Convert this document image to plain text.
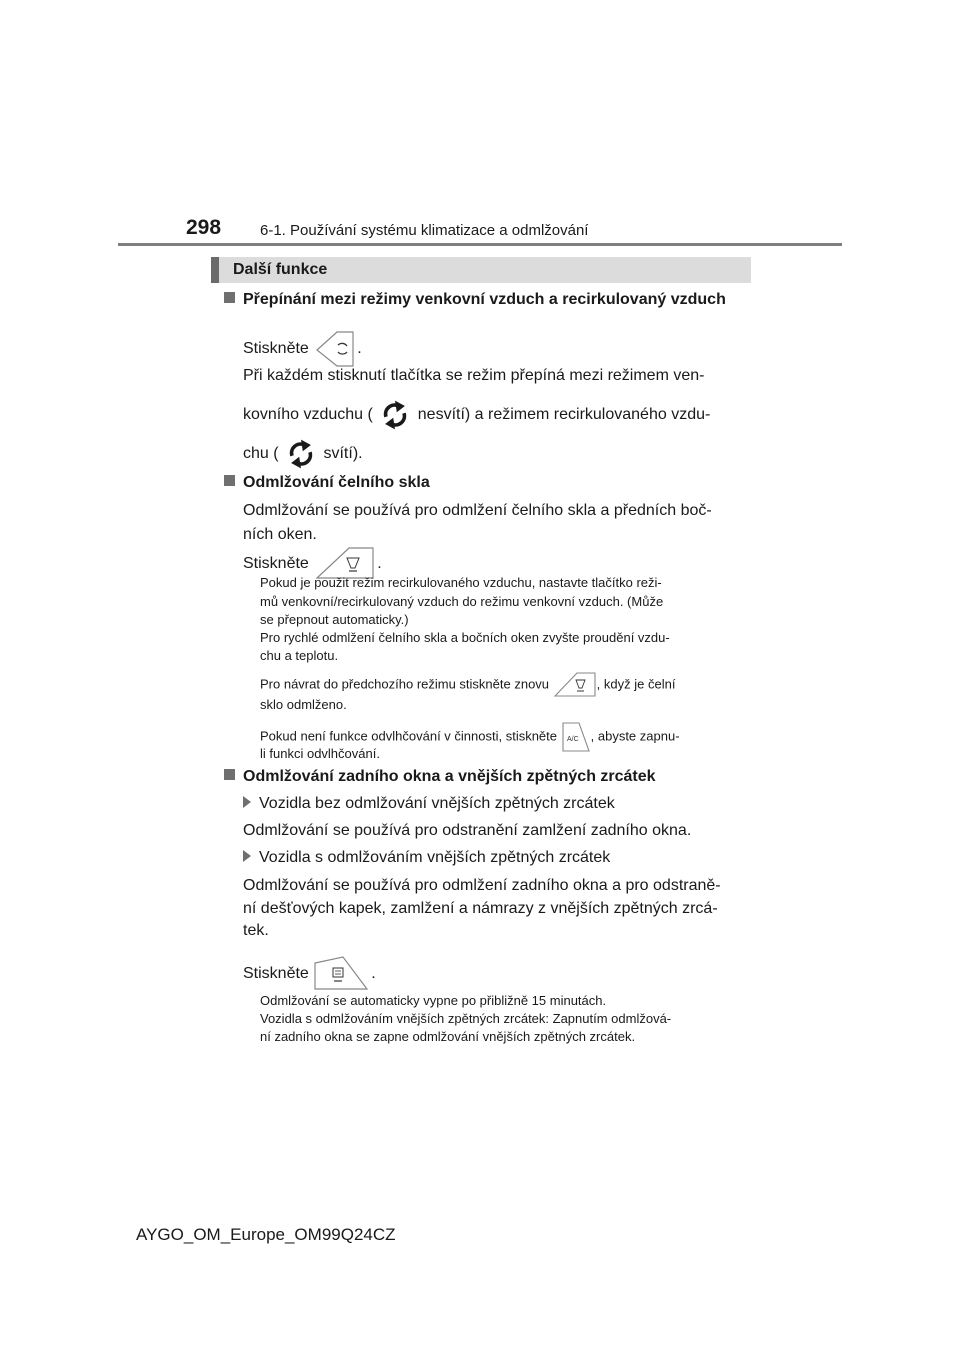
298	6-1. Používání systému klimatizace a odmlžování
Další funkce
Přepínání mezi režimy venkovní vzduch a recirkulovaný vzduch
Stiskněte	.
Při každém stisknutí tlačítka se režim přepíná mezi režimem ven-
kovního vzduchu (	nesvítí) a režimem recirkulovaného vzdu-
chu (	svítí).
Odmlžování čelního skla
Odmlžování se používá pro odmlžení čelního skla a předních boč-
ních oken.
Stiskněte	.
Pokud je použit režim recirkulovaného vzduchu, nastavte tlačítko reži-
mů venkovní/recirkulovaný vzduch do režimu venkovní vzduch. (Může
se přepnout automaticky.)
Pro rychlé odmlžení čelního skla a bočních oken zvyšte proudění vzdu-
chu a teplotu.
Pro návrat do předchozího režimu stiskněte znovu	, když je čelní
sklo odmlženo.
Pokud není funkce odvlhčování v činnosti, stiskněte A/C , abyste zapnu-
li funkci odvlhčování.
Odmlžování zadního okna a vnějších zpětných zrcátek
Vozidla bez odmlžování vnějších zpětných zrcátek
Odmlžování se používá pro odstranění zamlžení zadního okna.
Vozidla s odmlžováním vnějších zpětných zrcátek
Odmlžování se používá pro odmlžení zadního okna a pro odstraně-
ní dešťových kapek, zamlžení a námrazy z vnějších zpětných zrcá-
tek.
Stiskněte	.
Odmlžování se automaticky vypne po přibližně 15 minutách.
Vozidla s odmlžováním vnějších zpětných zrcátek: Zapnutím odmlžová-
ní zadního okna se zapne odmlžování vnějších zpětných zrcátek.
AYGO_OM_Europe_OM99Q24CZ
